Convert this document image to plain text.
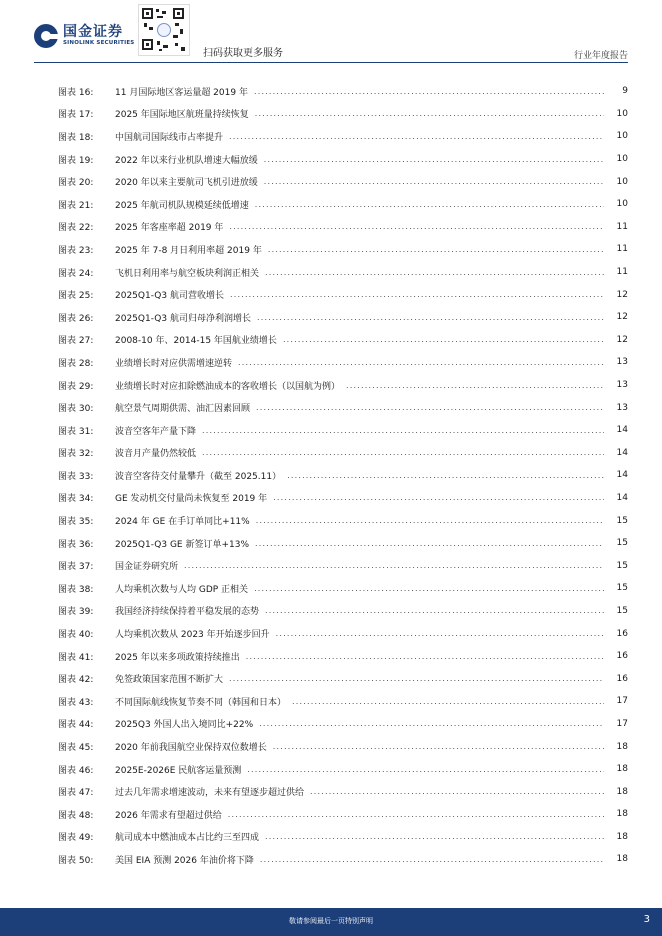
国金证券
SINOLINK SECURITIES
扫码获取更多服务	行业年度报告
图表 16:	11 月国际地区客运量超 2019 年 .....	9
图表 17:	2025 年国际地区航班量持续恢复 .....	10
图表 18:	中国航司国际线市占率提升 .....	10
图表 19:	2022 年以来行业机队增速大幅放缓 .....	10
图表 20:	2020 年以来主要航司飞机引进放缓 .....	10
图表 21:	2025 年航司机队规模延续低增速 .....	10
图表 22:	2025 年客座率超 2019 年 .....	11
图表 23:	2025 年 7-8 月日利用率超 2019 年 .....	11
图表 24:	飞机日利用率与航空板块利润正相关 .....	11
图表 25:	2025Q1-Q3 航司营收增长 .....	12
图表 26:	2025Q1-Q3 航司归母净利润增长 .....	12
图表 27:	2008-10 年、2014-15 年国航业绩增长 .....	12
图表 28:	业绩增长时对应供需增速逆转 .....	13
图表 29:	业绩增长时对应扣除燃油成本的客收增长（以国航为例） .....	13
图表 30:	航空景气周期供需、油汇因素回顾 .....	13
图表 31:	波音空客年产量下降 .....	14
图表 32:	波音月产量仍然较低 .....	14
图表 33:	波音空客待交付量攀升（截至 2025.11） .....	14
图表 34:	GE 发动机交付量尚未恢复至 2019 年 .....	14
图表 35:	2024 年 GE 在手订单同比+11% .....	15
图表 36:	2025Q1-Q3 GE 新签订单+13% .....	15
图表 37:	国金证券研究所 .....	15
图表 38:	人均乘机次数与人均 GDP 正相关 .....	15
图表 39:	我国经济持续保持着平稳发展的态势 .....	15
图表 40:	人均乘机次数从 2023 年开始逐步回升 .....	16
图表 41:	2025 年以来多项政策持续推出 .....	16
图表 42:	免签政策国家范围不断扩大 .....	16
图表 43:	不同国际航线恢复节奏不同（韩国和日本） .....	17
图表 44:	2025Q3 外国人出入境同比+22% .....	17
图表 45:	2020 年前我国航空业保持双位数增长 .....	18
图表 46:	2025E-2026E 民航客运量预测 .....	18
图表 47:	过去几年需求增速波动，未来有望逐步超过供给 .....	18
图表 48:	2026 年需求有望超过供给 .....	18
图表 49:	航司成本中燃油成本占比约三至四成 .....	18
图表 50:	美国 EIA 预测 2026 年油价将下降 .....	18
敬请参阅最后一页特别声明	3
